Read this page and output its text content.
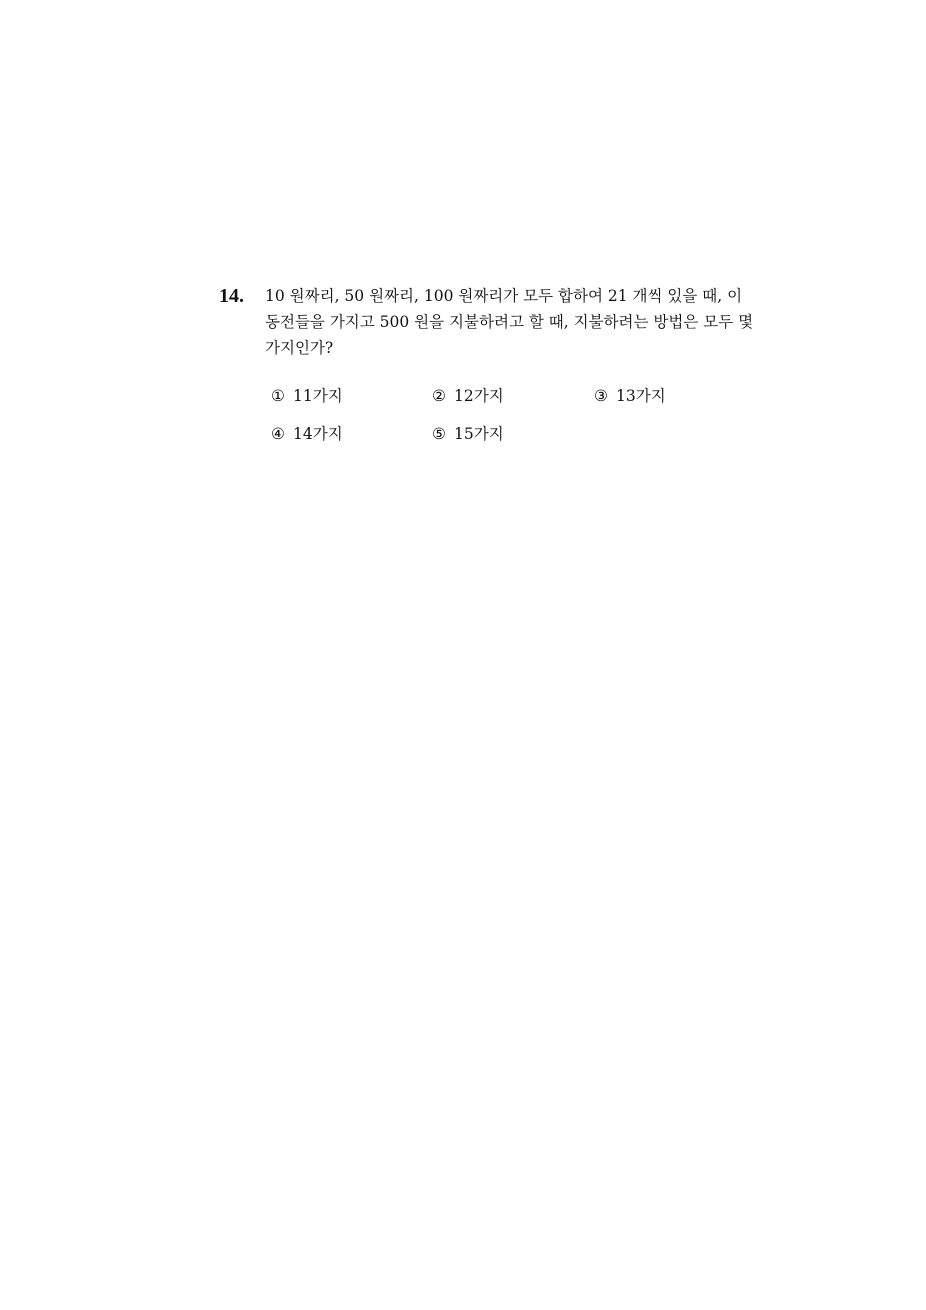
14. 10 원짜리, 50 원짜리, 100 원짜리가 모두 합하여 21 개씩 있을 때, 이
동전들을 가지고 500 원을 지불하려고 할 때, 지불하려는 방법은 모두 몇
가지인가?
① 11가지	② 12가지	③ 13가지
④ 14가지	⑤ 15가지
